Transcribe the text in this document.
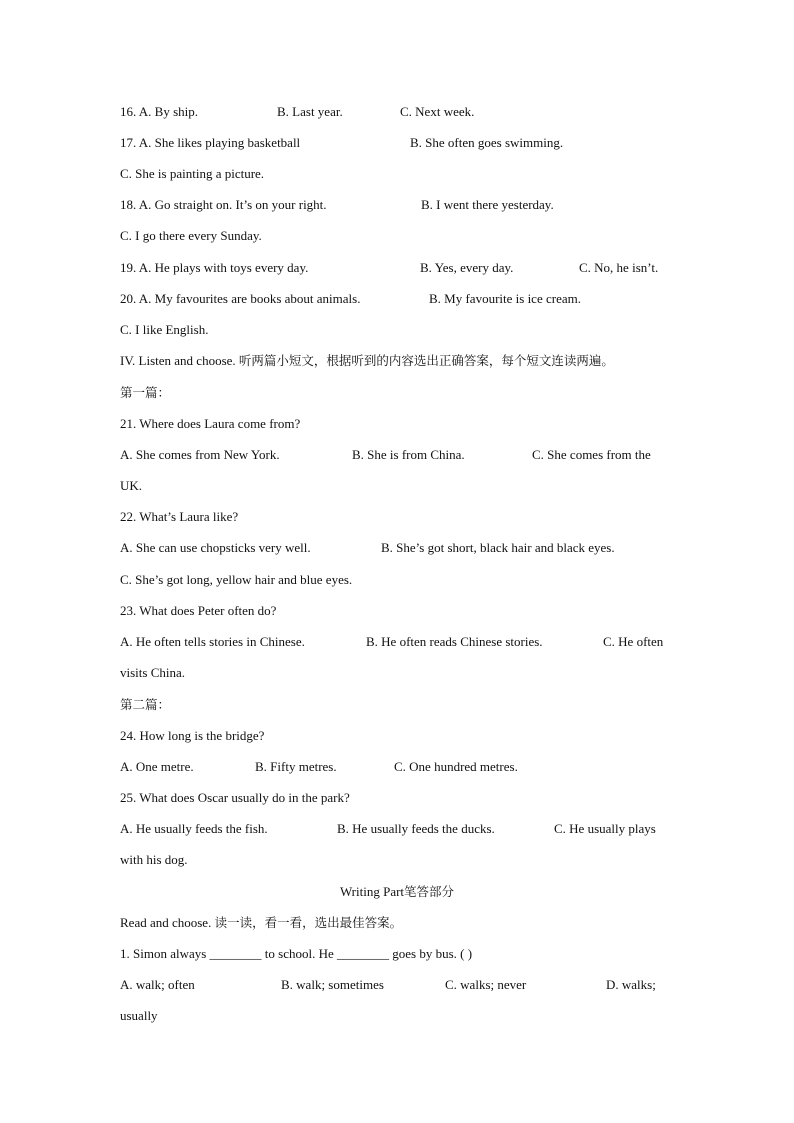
16. A. By ship.	B. Last year.	C. Next week.
17. A. She likes playing basketball	B. She often goes swimming.
C. She is painting a picture.
18. A. Go straight on. It’s on your right.	B. I went there yesterday.
C. I go there every Sunday.
19. A. He plays with toys every day.	B. Yes, every day.	C. No, he isn’t.
20. A. My favourites are books about animals.	B. My favourite is ice cream.
C. I like English.
IV. Listen and choose. 听两篇小短文，根据听到的内容选出正确答案，每个短文连读两遍。
第一篇：
21. Where does Laura come from?
A. She comes from New York.	B. She is from China.	C. She comes from the
UK.
22. What’s Laura like?
A. She can use chopsticks very well.	B. She’s got short, black hair and black eyes.
C. She’s got long, yellow hair and blue eyes.
23. What does Peter often do?
A. He often tells stories in Chinese.	B. He often reads Chinese stories.	C. He often
visits China.
第二篇：
24. How long is the bridge?
A. One metre.	B. Fifty metres.	C. One hundred metres.
25. What does Oscar usually do in the park?
A. He usually feeds the fish.	B. He usually feeds the ducks.	C. He usually plays
with his dog.
Writing Part笔答部分
Read and choose. 读一读，看一看，选出最佳答案。
1. Simon always ________ to school. He ________ goes by bus. ( )
A. walk; often	B. walk; sometimes	C. walks; never	D. walks;
usually
